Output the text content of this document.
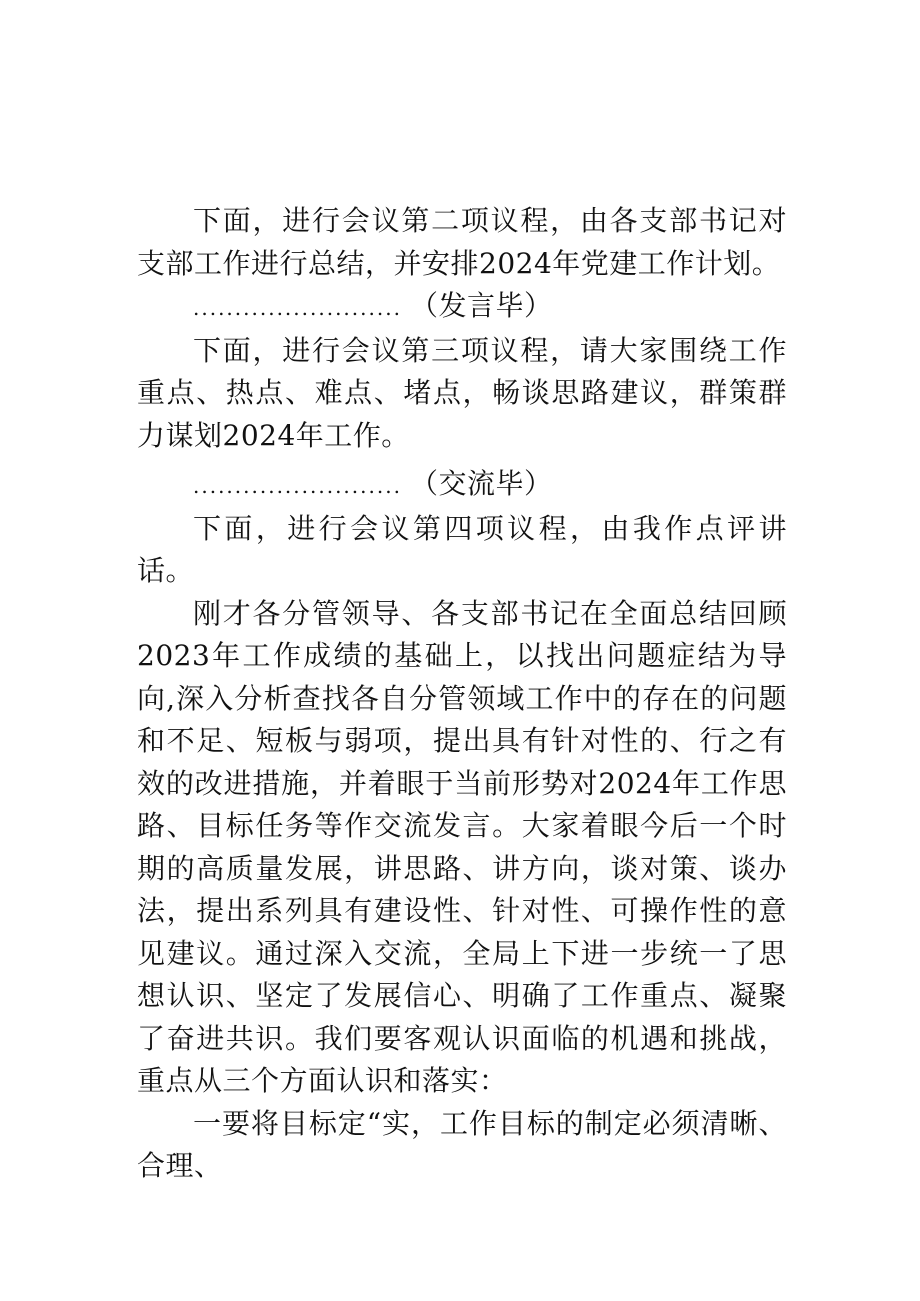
下面，进行会议第二项议程，由各支部书记对支部工作进行总结，并安排2024年党建工作计划。

......................... （发言毕）

下面，进行会议第三项议程，请大家围绕工作重点、热点、难点、堵点，畅谈思路建议，群策群力谋划2024年工作。

......................... （交流毕）

下面，进行会议第四项议程，由我作点评讲话。

刚才各分管领导、各支部书记在全面总结回顾2023年工作成绩的基础上，以找出问题症结为导向,深入分析查找各自分管领域工作中的存在的问题和不足、短板与弱项，提出具有针对性的、行之有效的改进措施，并着眼于当前形势对2024年工作思路、目标任务等作交流发言。大家着眼今后一个时期的高质量发展，讲思路、讲方向，谈对策、谈办法，提出系列具有建设性、针对性、可操作性的意见建议。通过深入交流，全局上下进一步统一了思想认识、坚定了发展信心、明确了工作重点、凝聚了奋进共识。我们要客观认识面临的机遇和挑战，重点从三个方面认识和落实：

一要将目标定“实，工作目标的制定必须清晰、合理、
